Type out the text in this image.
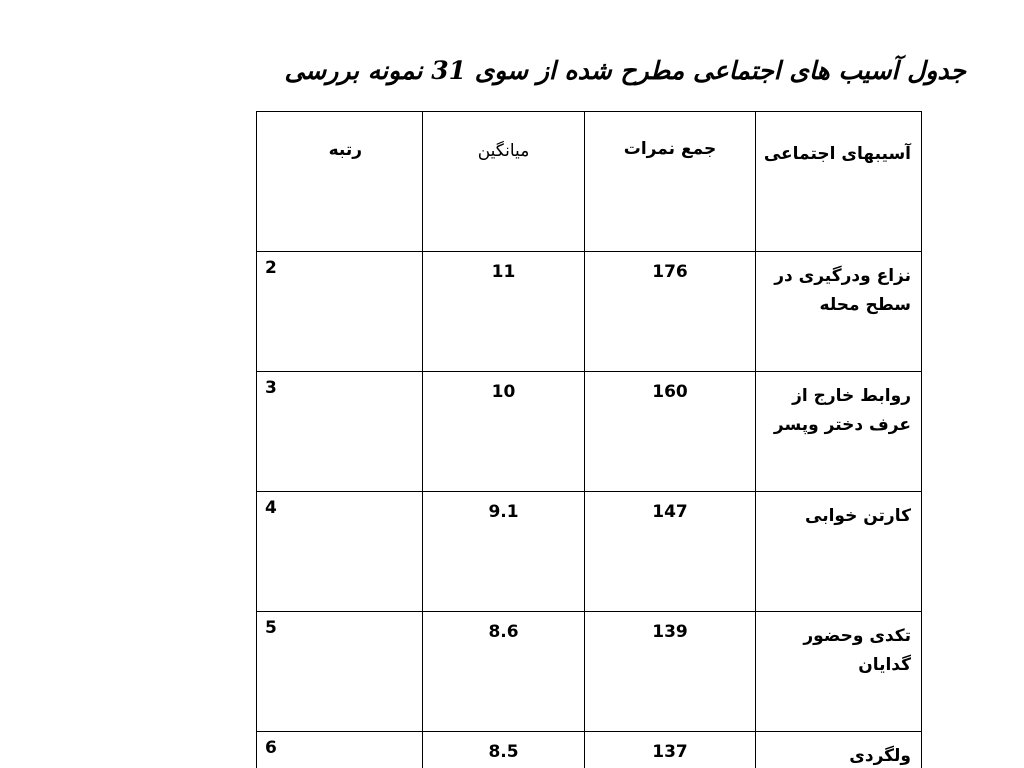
جدول آسیب های اجتماعی مطرح شده از سوی 31 نمونه بررسی
آسیبهای اجتماعی	جمع نمرات	میانگین	رتبه

نزاع ودرگیری در سطح محله	176	11	2

روابط خارج از عرف دختر وپسر	160	10	3

کارتن خوابی	147	9.1	4

تکدی وحضور گدایان	139	8.6	5

ولگردی	137	8.5	6
